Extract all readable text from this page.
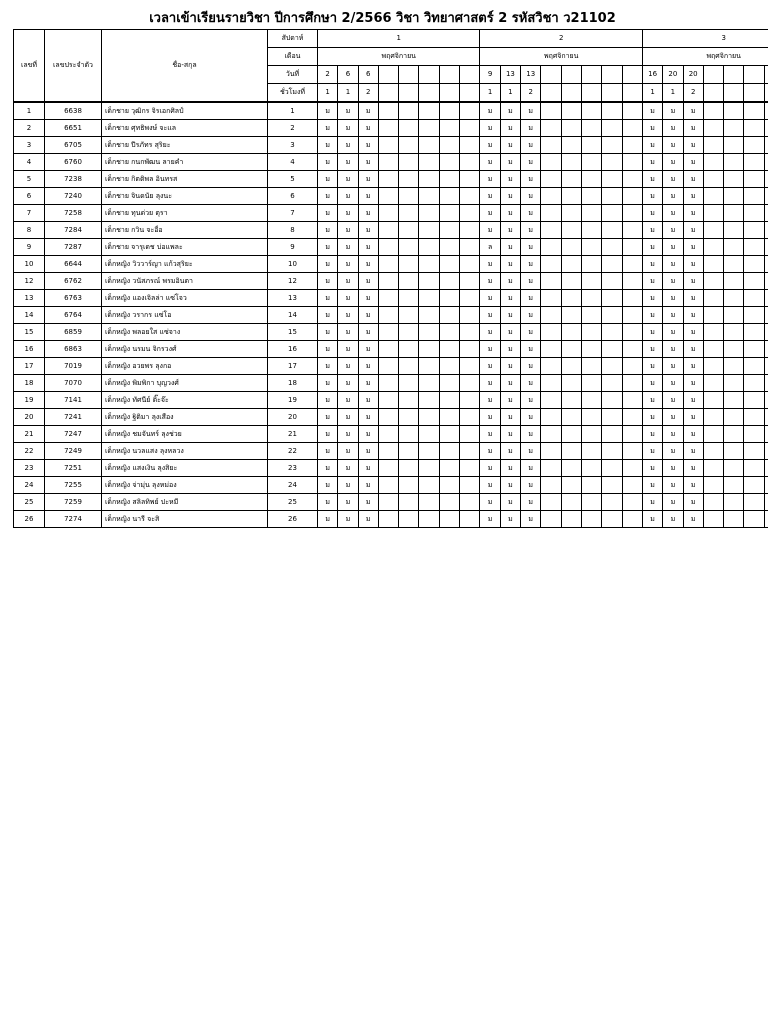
เวลาเข้าเรียนรายวิชา ปีการศึกษา 2/2566 วิชา วิทยาศาสตร์ 2 รหัสวิชา ว21102
เลขที่	เลขประจำตัว	ชื่อ-สกุล	สัปดาห์	1								2								3							
			เดือน	พฤศจิกายน								พฤศจิกายน								พฤศจิกายน							
			วันที่	2	6	6						9	13	13						16	20	20					
			ชั่วโมงที่	1	1	2						1	1	2						1	1	2					
1	6638	เด็กชาย วุฒิกร จิรเอกศิลป์	1	ม	ม	ม						ม	ม	ม						ม	ม	ม					
2	6651	เด็กชาย ศุทธิพงษ์ จะแล	2	ม	ม	ม						ม	ม	ม						ม	ม	ม					
3	6705	เด็กชาย ปีรภัทร สุริยะ	3	ม	ม	ม						ม	ม	ม						ม	ม	ม					
4	6760	เด็กชาย กนกพัฒน ลายคำ	4	ม	ม	ม						ม	ม	ม						ม	ม	ม					
5	7238	เด็กชาย กิตติพล อินทรส	5	ม	ม	ม						ม	ม	ม						ม	ม	ม					
6	7240	เด็กชาย จินดนัย ลุงนะ	6	ม	ม	ม						ม	ม	ม						ม	ม	ม					
7	7258	เด็กชาย ทุนด่วย ตุรา	7	ม	ม	ม						ม	ม	ม						ม	ม	ม					
8	7284	เด็กชาย กวิน จะอื่อ	8	ม	ม	ม						ม	ม	ม						ม	ม	ม					
9	7287	เด็กชาย จารุเดช บ่อแพละ	9	ม	ม	ม						ล	ม	ม						ม	ม	ม					
10	6644	เด็กหญิง วิววาร์ญา แก้วสุริยะ	10	ม	ม	ม						ม	ม	ม						ม	ม	ม					
12	6762	เด็กหญิง วนัสภรณ์ พรมอินตา	12	ม	ม	ม						ม	ม	ม						ม	ม	ม					
13	6763	เด็กหญิง แองเจิลล่า แซ่โจว	13	ม	ม	ม						ม	ม	ม						ม	ม	ม					
14	6764	เด็กหญิง วรากร แซ่โอ	14	ม	ม	ม						ม	ม	ม						ม	ม	ม					
15	6859	เด็กหญิง พลอยใส แซ่จาง	15	ม	ม	ม						ม	ม	ม						ม	ม	ม					
16	6863	เด็กหญิง นรมน จิกรวงศ์	16	ม	ม	ม						ม	ม	ม						ม	ม	ม					
17	7019	เด็กหญิง อวยพร ลุงกอ	17	ม	ม	ม						ม	ม	ม						ม	ม	ม					
18	7070	เด็กหญิง พิมพิกา บุญวงศ์	18	ม	ม	ม						ม	ม	ม						ม	ม	ม					
19	7141	เด็กหญิง ทัศนีย์ ติ๊ะจ๊ะ	19	ม	ม	ม						ม	ม	ม						ม	ม	ม					
20	7241	เด็กหญิง ฐิติมา ลุงเสือง	20	ม	ม	ม						ม	ม	ม						ม	ม	ม					
21	7247	เด็กหญิง ชมจันทร์ ลุงช่วย	21	ม	ม	ม						ม	ม	ม						ม	ม	ม					
22	7249	เด็กหญิง นวลแสง ลุงหลวง	22	ม	ม	ม						ม	ม	ม						ม	ม	ม					
23	7251	เด็กหญิง แสงเงิน ลุงสิยะ	23	ม	ม	ม						ม	ม	ม						ม	ม	ม					
24	7255	เด็กหญิง จ่ามุ่น ลุงหม่อง	24	ม	ม	ม						ม	ม	ม						ม	ม	ม					
25	7259	เด็กหญิง สลิลทิพย์ ปะหมี	25	ม	ม	ม						ม	ม	ม						ม	ม	ม					
26	7274	เด็กหญิง นารี จะสิ	26	ม	ม	ม						ม	ม	ม						ม	ม	ม					
